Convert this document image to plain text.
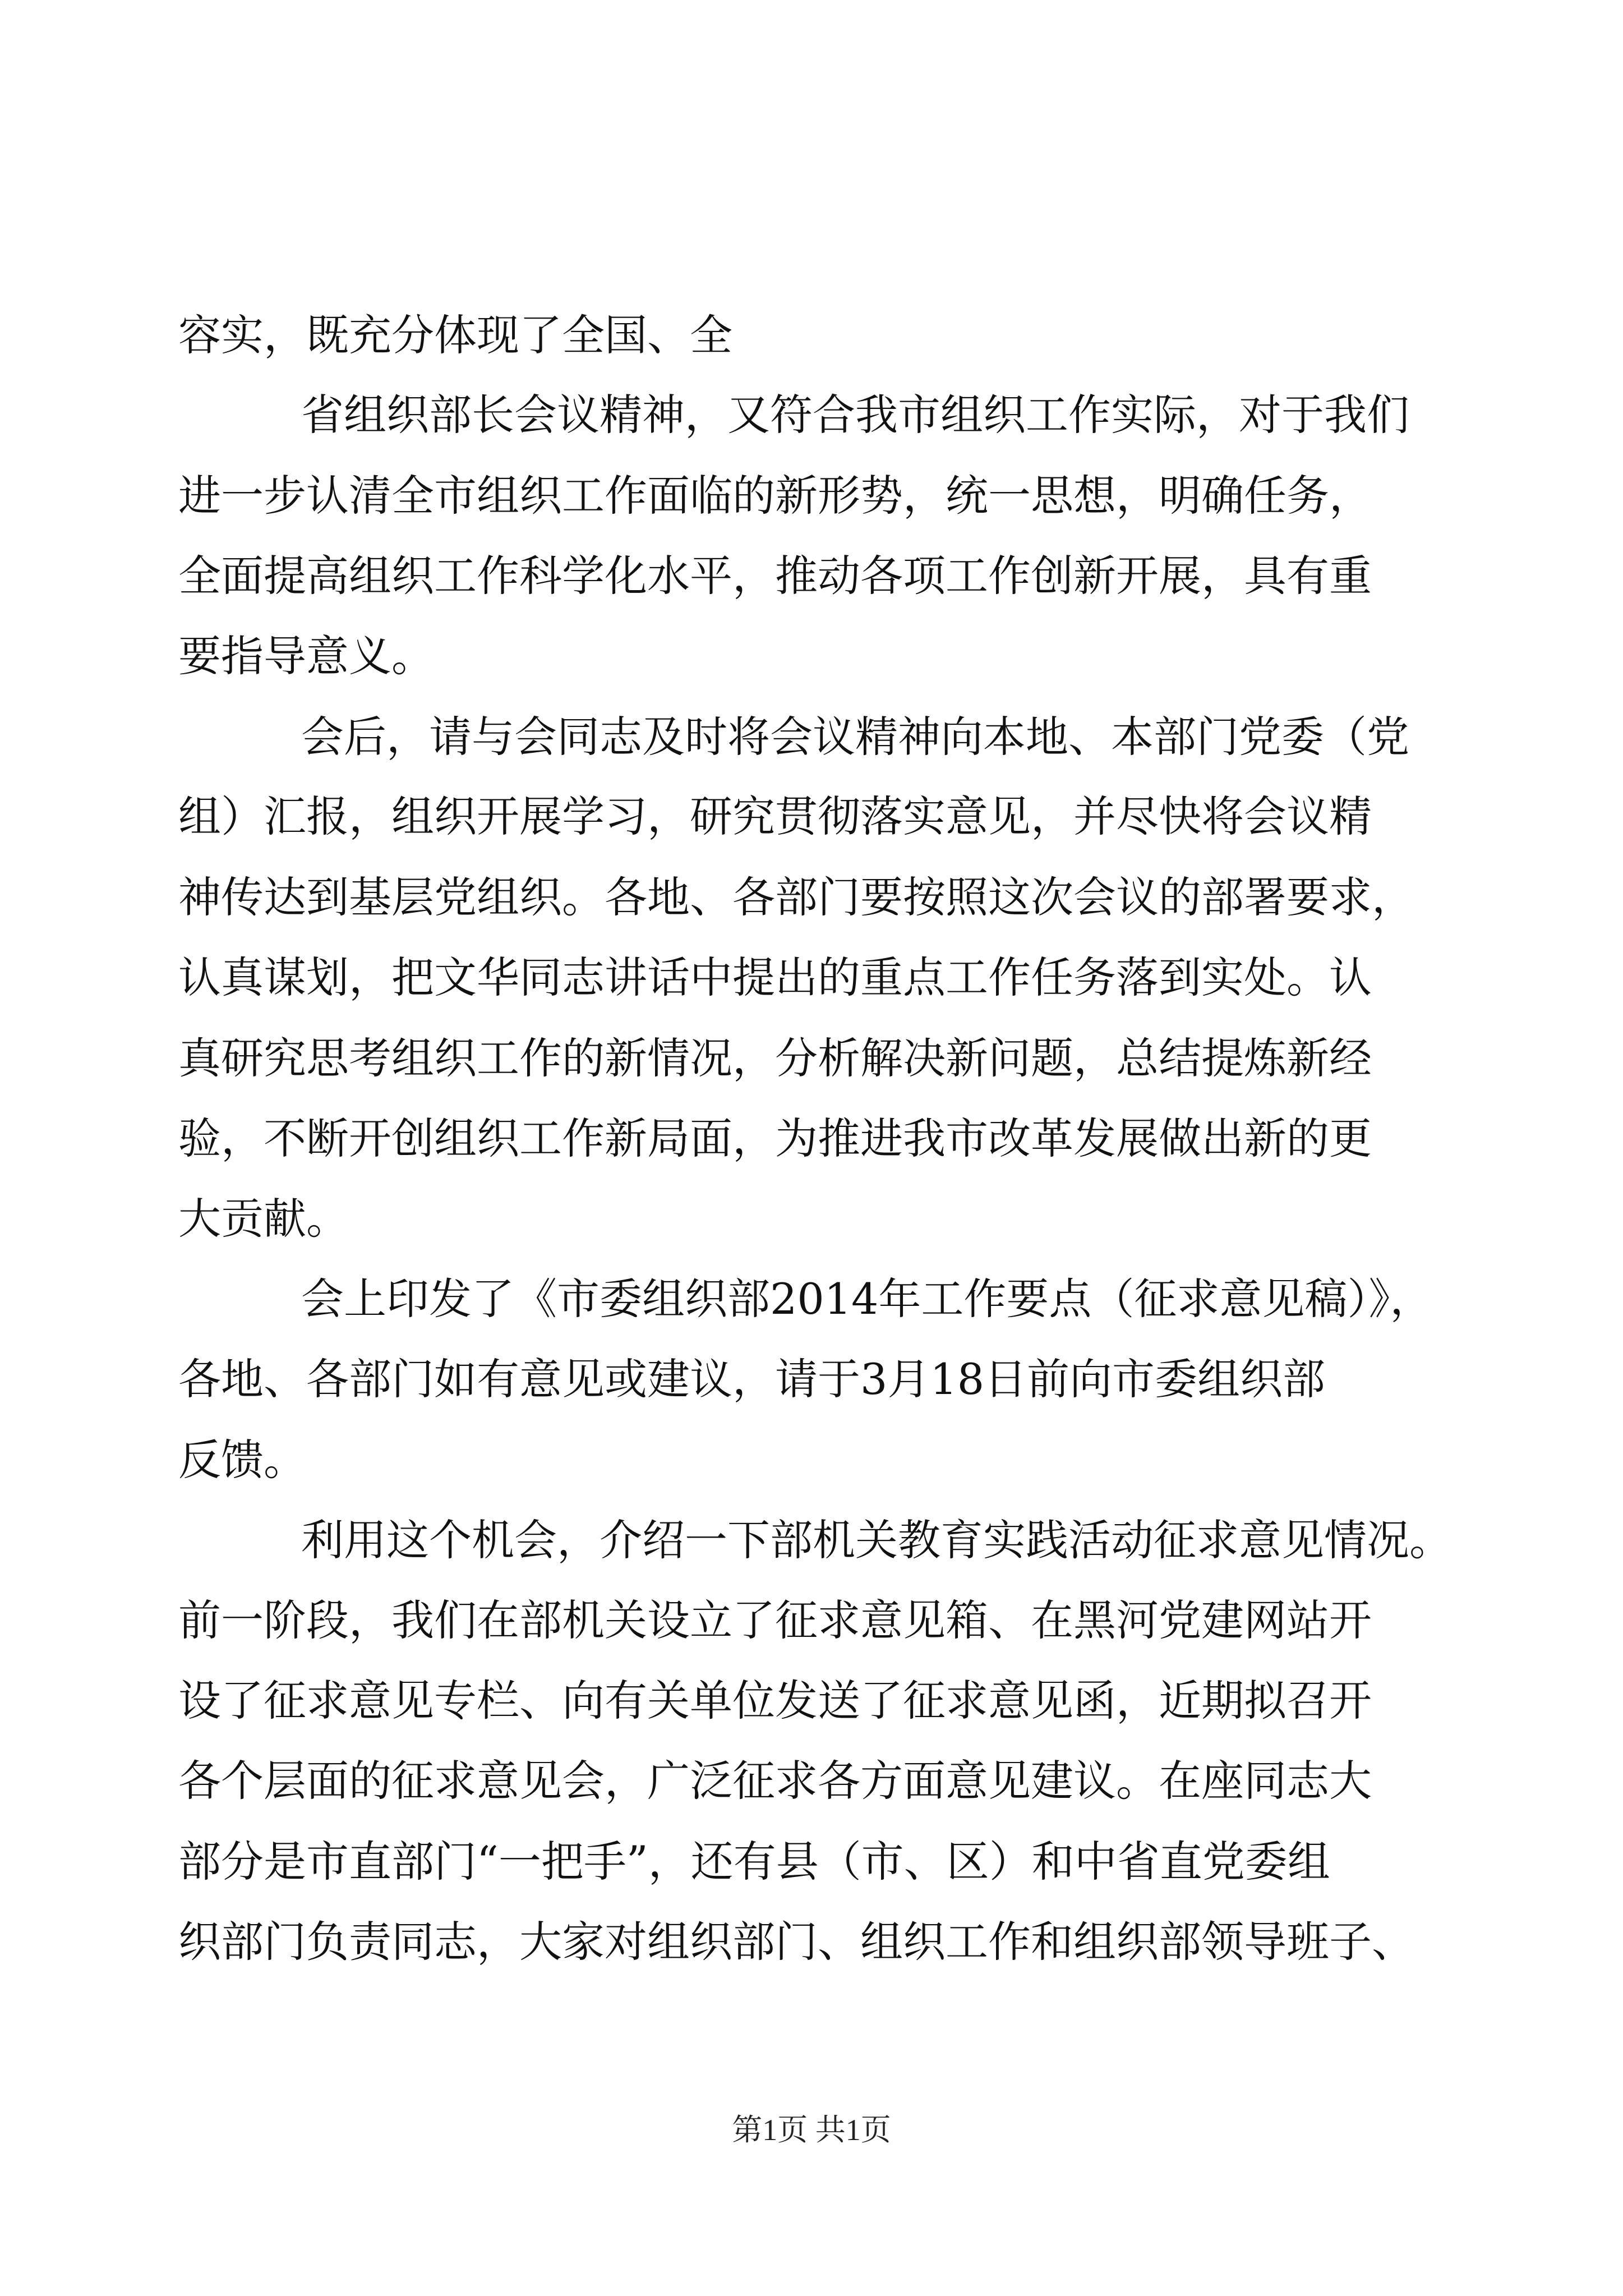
容实，既充分体现了全国、全
省组织部长会议精神，又符合我市组织工作实际，对于我们
进一步认清全市组织工作面临的新形势，统一思想，明确任务，
全面提高组织工作科学化水平，推动各项工作创新开展，具有重
要指导意义。
会后，请与会同志及时将会议精神向本地、本部门党委（党
组）汇报，组织开展学习，研究贯彻落实意见，并尽快将会议精
神传达到基层党组织。各地、各部门要按照这次会议的部署要求，
认真谋划，把文华同志讲话中提出的重点工作任务落到实处。认
真研究思考组织工作的新情况，分析解决新问题，总结提炼新经
验，不断开创组织工作新局面，为推进我市改革发展做出新的更
大贡献。
会上印发了《市委组织部2014年工作要点（征求意见稿）》，
各地、各部门如有意见或建议，请于3月18日前向市委组织部
反馈。
利用这个机会，介绍一下部机关教育实践活动征求意见情况。
前一阶段，我们在部机关设立了征求意见箱、在黑河党建网站开
设了征求意见专栏、向有关单位发送了征求意见函，近期拟召开
各个层面的征求意见会，广泛征求各方面意见建议。在座同志大
部分是市直部门“一把手”，还有县（市、区）和中省直党委组
织部门负责同志，大家对组织部门、组织工作和组织部领导班子、
第1页 共1页
